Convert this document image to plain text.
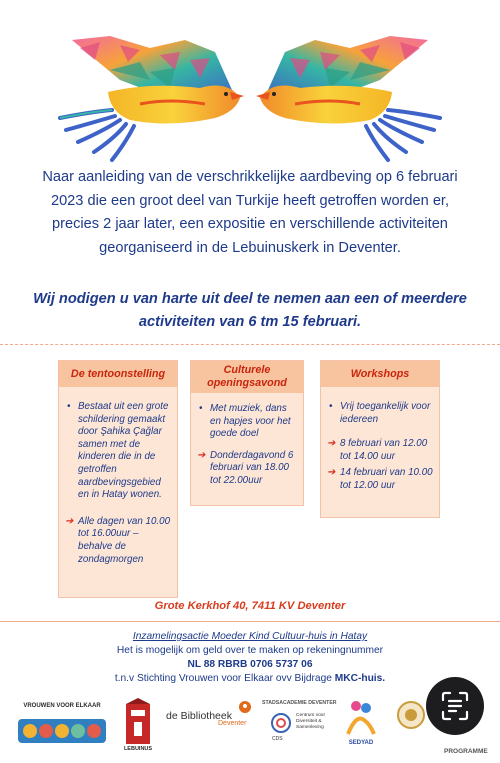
Naar aanleiding van de verschrikkelijke aardbeving op 6 februari 2023 die een groot deel van Turkije heeft getroffen worden er, precies 2 jaar later, een expositie en verschillende activiteiten georganiseerd in de Lebuinuskerk in Deventer.
Wij nodigen u van harte uit deel te nemen aan een of meerdere activiteiten van 6 tm 15 februari.
De tentoonstelling
• Bestaat uit een grote schildering gemaakt door Şahika Çağlar samen met de kinderen die in de getroffen aardbevingsgebied en in Hatay wonen.
➔ Alle dagen van 10.00 tot 16.00uur – behalve de zondagmorgen
Culturele openingsavond
• Met muziek, dans en hapjes voor het goede doel
➔ Donderdagavond 6 februari van 18.00 tot 22.00uur
Workshops
• Vrij toegankelijk voor iedereen
➔ 8 februari van 12.00 tot 14.00 uur
➔ 14 februari van 10.00 tot 12.00 uur
Grote Kerkhof 40, 7411 KV Deventer
Inzamelingsactie Moeder Kind Cultuur-huis in Hatay
Het is mogelijk om geld over te maken op rekeningnummer
NL 88 RBRB 0706 5737 06
t.n.v Stichting Vrouwen voor Elkaar ovv Bijdrage MKC-huis.
VROUWEN VOOR ELKAAR
LEBUINUS
de Bibliotheek
Deventer
STADSACADEMIE DEVENTER
CDS
Centrum voor
Diversiteit &
Samenleving
SEDYAD
PROGRAMME
